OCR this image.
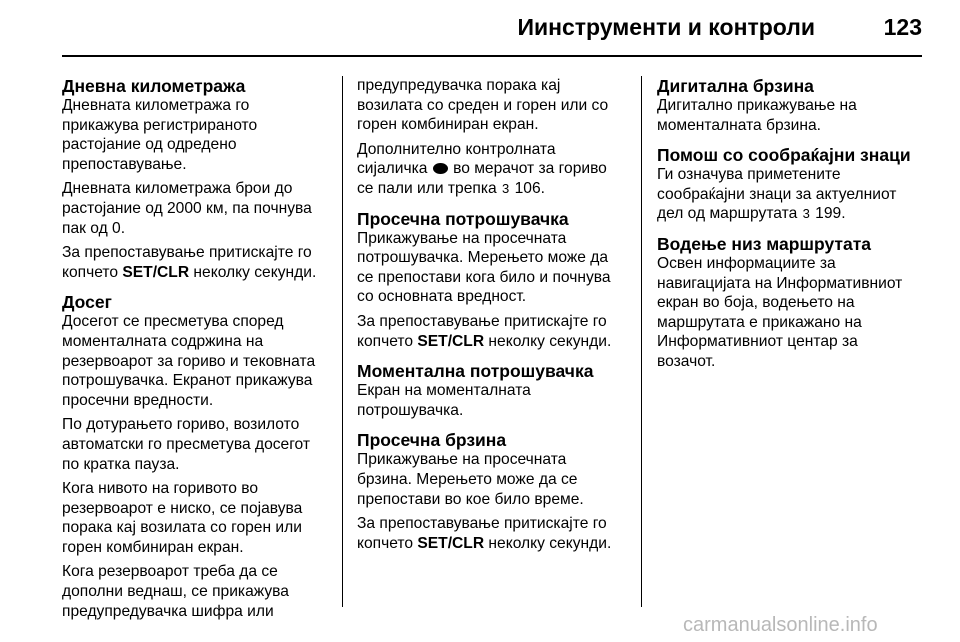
Иинструменти и контроли	123
Дневна километража

Дневната километража го
прикажува регистрираното
растојание од одредено
препоставување.

Дневната километража брои до
растојание од 2000 км, па почнува
пак од 0.

За препоставување притискајте го
копчето SET/CLR неколку секунди.

Досег

Досегот се пресметува според
моменталната содржина на
резервоарот за гориво и тековната
потрошувачка. Екранот прикажува
просечни вредности.

По дотурањето гориво, возилото
автоматски го пресметува досегот
по кратка пауза.

Кога нивото на горивото во
резервоарот е ниско, се појавува
порака кај возилата со горен или
горен комбиниран екран.

Кога резервоарот треба да се
дополни веднаш, се прикажува
предупредувачка шифра или

предупредувачка порака кај
возилата со среден и горен или со
горен комбиниран екран.

Дополнително контролната
сијаличка  во мерачот за гориво
се пали или трепка 3 106.

Просечна потрошувачка

Прикажување на просечната
потрошувачка. Мерењето може да
се препостави кога било и почнува
со основната вредност.

За препоставување притискајте го
копчето SET/CLR неколку секунди.

Моментална потрошувачка

Екран на моменталната
потрошувачка.

Просечна брзина

Прикажување на просечната
брзина. Мерењето може да се
препостави во кое било време.

За препоставување притискајте го
копчето SET/CLR неколку секунди.

Дигитална брзина

Дигитално прикажување на
моменталната брзина.

Помош со сообраќајни знаци

Ги означува приметените
сообраќајни знаци за актуелниот
дел од маршрутата 3 199.

Водење низ маршрутата

Освен информациите за
навигацијата на Информативниот
екран во боја, водењето на
маршрутата е прикажано на
Информативниот центар за
возачот.

carmanualsonline.info
